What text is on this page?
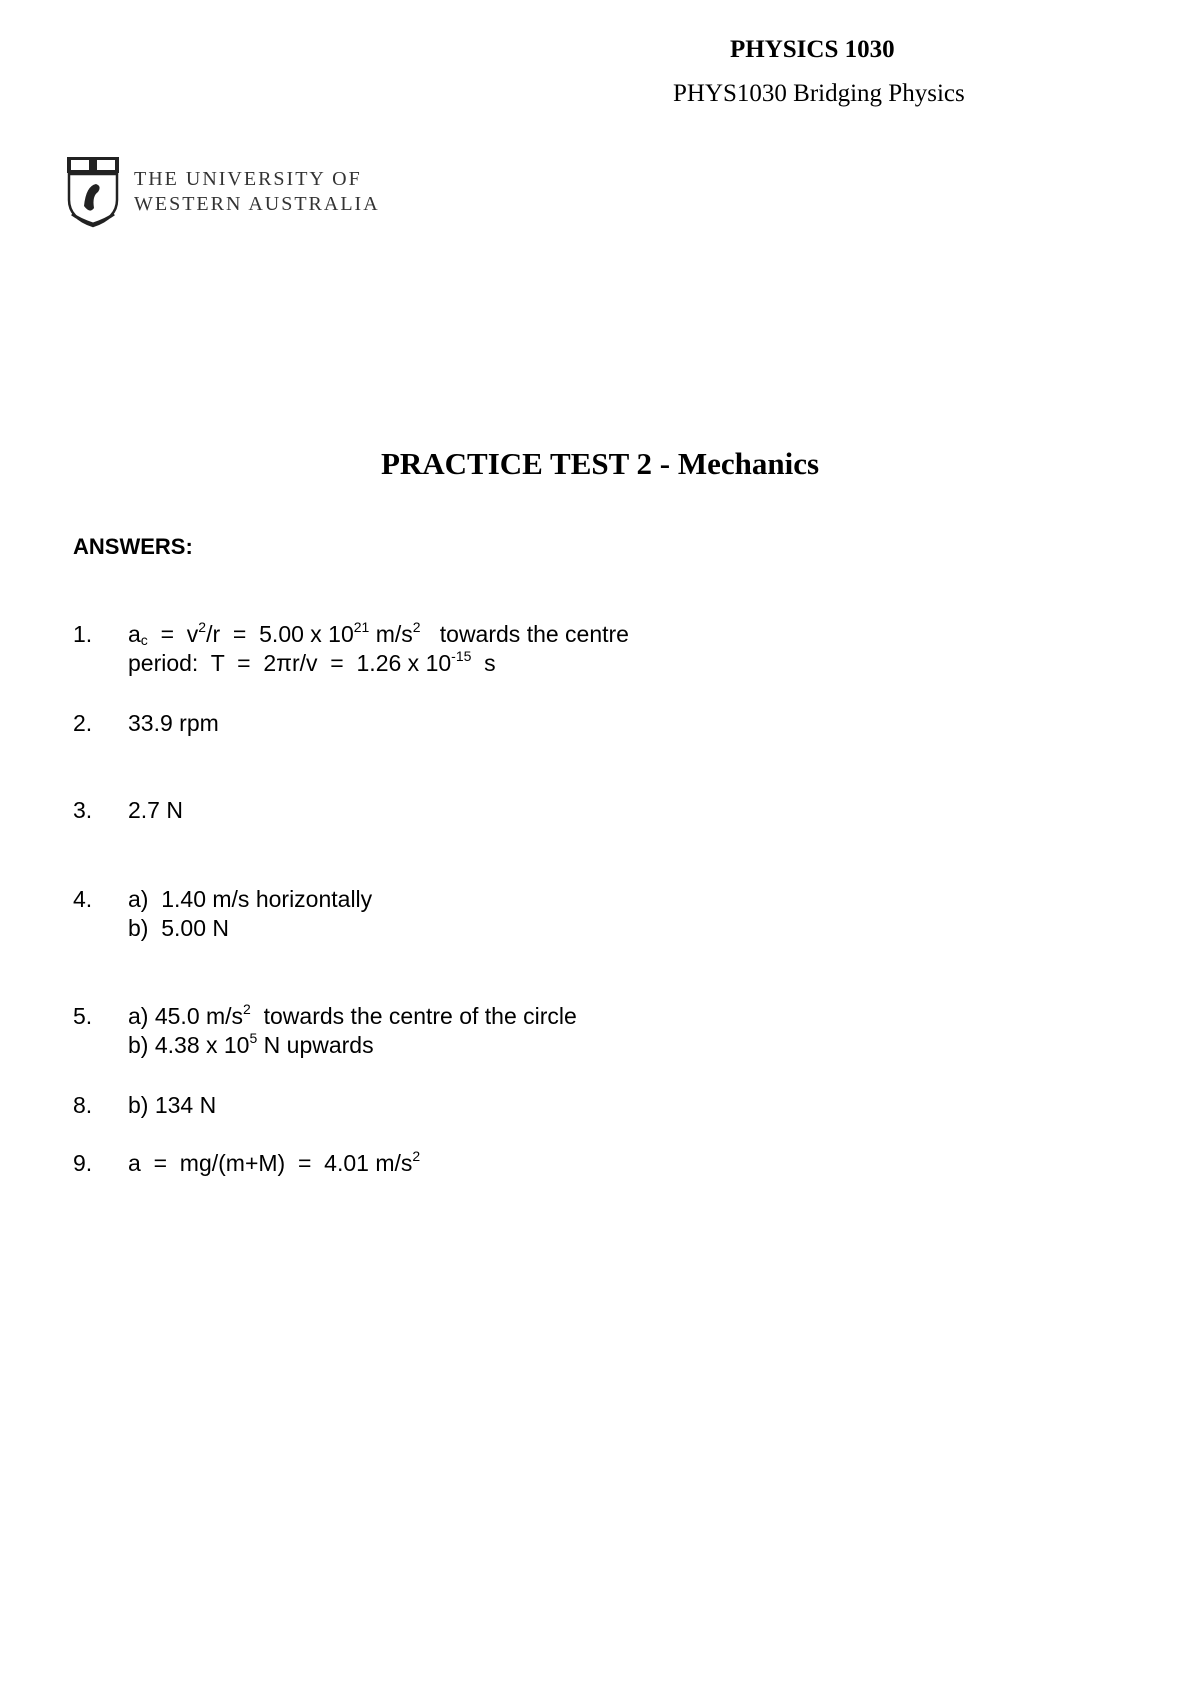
PHYSICS 1030
PHYS1030 Bridging Physics
THE UNIVERSITY OF
WESTERN AUSTRALIA
PRACTICE TEST 2 - Mechanics
ANSWERS:
1. $a_c = v^2/r = 5.00$ x $10^{21}$ $m/s^2$   towards the centre
period:  T  =  2πr/v  =  1.26 x $10^{-15}$  s
2. 33.9 rpm
3. 2.7 N
4. a)  1.40 m/s horizontally
b)  5.00 N
5. a) 45.0 $m/s^2$  towards the centre of the circle
b) 4.38 x $10^5$ N upwards
8. b) 134 N
9. a  =  mg/(m+M)  =  4.01 $m/s^2$
